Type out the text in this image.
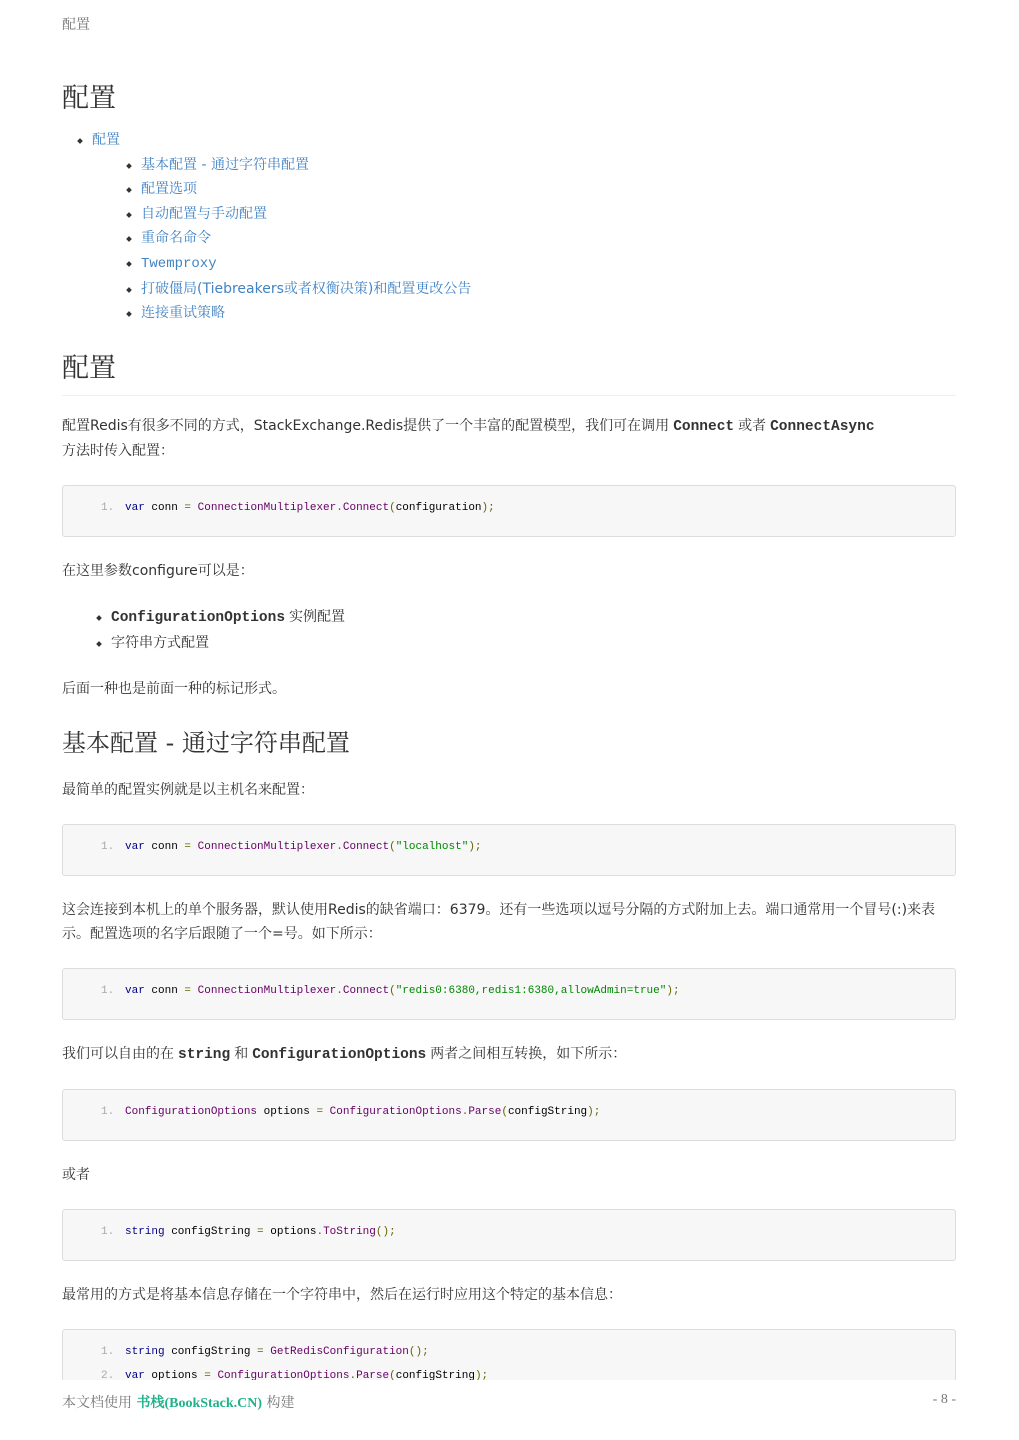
配置
配置
配置
基本配置 - 通过字符串配置
配置选项
自动配置与手动配置
重命名命令
Twemproxy
打破僵局(Tiebreakers或者权衡决策)和配置更改公告
连接重试策略
配置

配置Redis有很多不同的方式，StackExchange.Redis提供了一个丰富的配置模型，我们可在调用 Connect 或者 ConnectAsync
方法时传入配置：

1. var conn = ConnectionMultiplexer.Connect(configuration);

在这里参数configure可以是：

ConfigurationOptions 实例配置
字符串方式配置

后面一种也是前面一种的标记形式。

基本配置 - 通过字符串配置

最简单的配置实例就是以主机名来配置：

1. var conn = ConnectionMultiplexer.Connect("localhost");

这会连接到本机上的单个服务器，默认使用Redis的缺省端口：6379。还有一些选项以逗号分隔的方式附加上去。端口通常用一个冒号(:)来表示。配置选项的名字后跟随了一个=号。如下所示：

1. var conn = ConnectionMultiplexer.Connect("redis0:6380,redis1:6380,allowAdmin=true");

我们可以自由的在 string 和 ConfigurationOptions 两者之间相互转换，如下所示：

1. ConfigurationOptions options = ConfigurationOptions.Parse(configString);

或者

1. string configString = options.ToString();

最常用的方式是将基本信息存储在一个字符串中，然后在运行时应用这个特定的基本信息：

1. string configString = GetRedisConfiguration();
2. var options = ConfigurationOptions.Parse(configString);
本文档使用 书栈(BookStack.CN) 构建	- 8 -
